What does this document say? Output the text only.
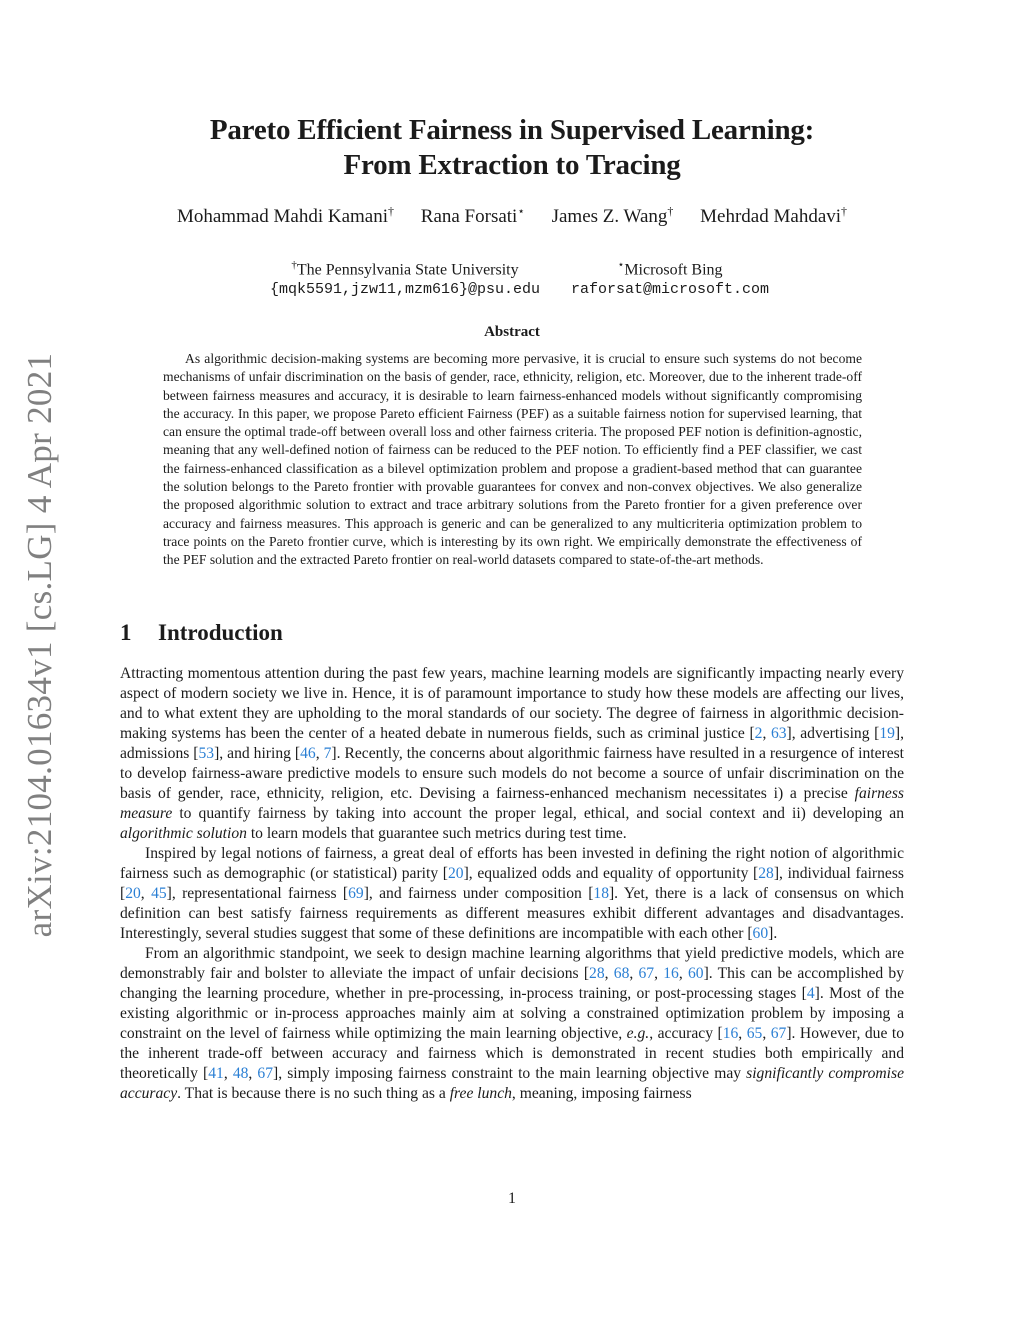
arXiv:2104.01634v1 [cs.LG] 4 Apr 2021
Pareto Efficient Fairness in Supervised Learning:
From Extraction to Tracing
Mohammad Mahdi Kamani† Rana Forsati⋆ James Z. Wang† Mehrdad Mahdavi†
†The Pennsylvania State University
{mqk5591,jzw11,mzm616}@psu.edu
⋆Microsoft Bing
raforsat@microsoft.com
Abstract

As algorithmic decision-making systems are becoming more pervasive, it is crucial to ensure such systems do not become mechanisms of unfair discrimination on the basis of gender, race, ethnicity, religion, etc. Moreover, due to the inherent trade-off between fairness measures and accuracy, it is desirable to learn fairness-enhanced models without significantly compromising the accuracy. In this paper, we propose Pareto efficient Fairness (PEF) as a suitable fairness notion for supervised learning, that can ensure the optimal trade-off between overall loss and other fairness criteria. The proposed PEF notion is definition-agnostic, meaning that any well-defined notion of fairness can be reduced to the PEF notion. To efficiently find a PEF classifier, we cast the fairness-enhanced classification as a bilevel optimization problem and propose a gradient-based method that can guarantee the solution belongs to the Pareto frontier with provable guarantees for convex and non-convex objectives. We also generalize the proposed algorithmic solution to extract and trace arbitrary solutions from the Pareto frontier for a given preference over accuracy and fairness measures. This approach is generic and can be generalized to any multicriteria optimization problem to trace points on the Pareto frontier curve, which is interesting by its own right. We empirically demonstrate the effectiveness of the PEF solution and the extracted Pareto frontier on real-world datasets compared to state-of-the-art methods.

1 Introduction

Attracting momentous attention during the past few years, machine learning models are significantly impacting nearly every aspect of modern society we live in. Hence, it is of paramount importance to study how these models are affecting our lives, and to what extent they are upholding to the moral standards of our society. The degree of fairness in algorithmic decision-making systems has been the center of a heated debate in numerous fields, such as criminal justice [2, 63], advertising [19], admissions [53], and hiring [46, 7]. Recently, the concerns about algorithmic fairness have resulted in a resurgence of interest to develop fairness-aware predictive models to ensure such models do not become a source of unfair discrimination on the basis of gender, race, ethnicity, religion, etc. Devising a fairness-enhanced mechanism necessitates i) a precise fairness measure to quantify fairness by taking into account the proper legal, ethical, and social context and ii) developing an algorithmic solution to learn models that guarantee such metrics during test time.

Inspired by legal notions of fairness, a great deal of efforts has been invested in defining the right notion of algorithmic fairness such as demographic (or statistical) parity [20], equalized odds and equality of opportunity [28], individual fairness [20, 45], representational fairness [69], and fairness under composition [18]. Yet, there is a lack of consensus on which definition can best satisfy fairness requirements as different measures exhibit different advantages and disadvantages. Interestingly, several studies suggest that some of these definitions are incompatible with each other [60].

From an algorithmic standpoint, we seek to design machine learning algorithms that yield predictive models, which are demonstrably fair and bolster to alleviate the impact of unfair decisions [28, 68, 67, 16, 60]. This can be accomplished by changing the learning procedure, whether in pre-processing, in-process training, or post-processing stages [4]. Most of the existing algorithmic or in-process approaches mainly aim at solving a constrained optimization problem by imposing a constraint on the level of fairness while optimizing the main learning objective, e.g., accuracy [16, 65, 67]. However, due to the inherent trade-off between accuracy and fairness which is demonstrated in recent studies both empirically and theoretically [41, 48, 67], simply imposing fairness constraint to the main learning objective may significantly compromise accuracy. That is because there is no such thing as a free lunch, meaning, imposing fairness

1
